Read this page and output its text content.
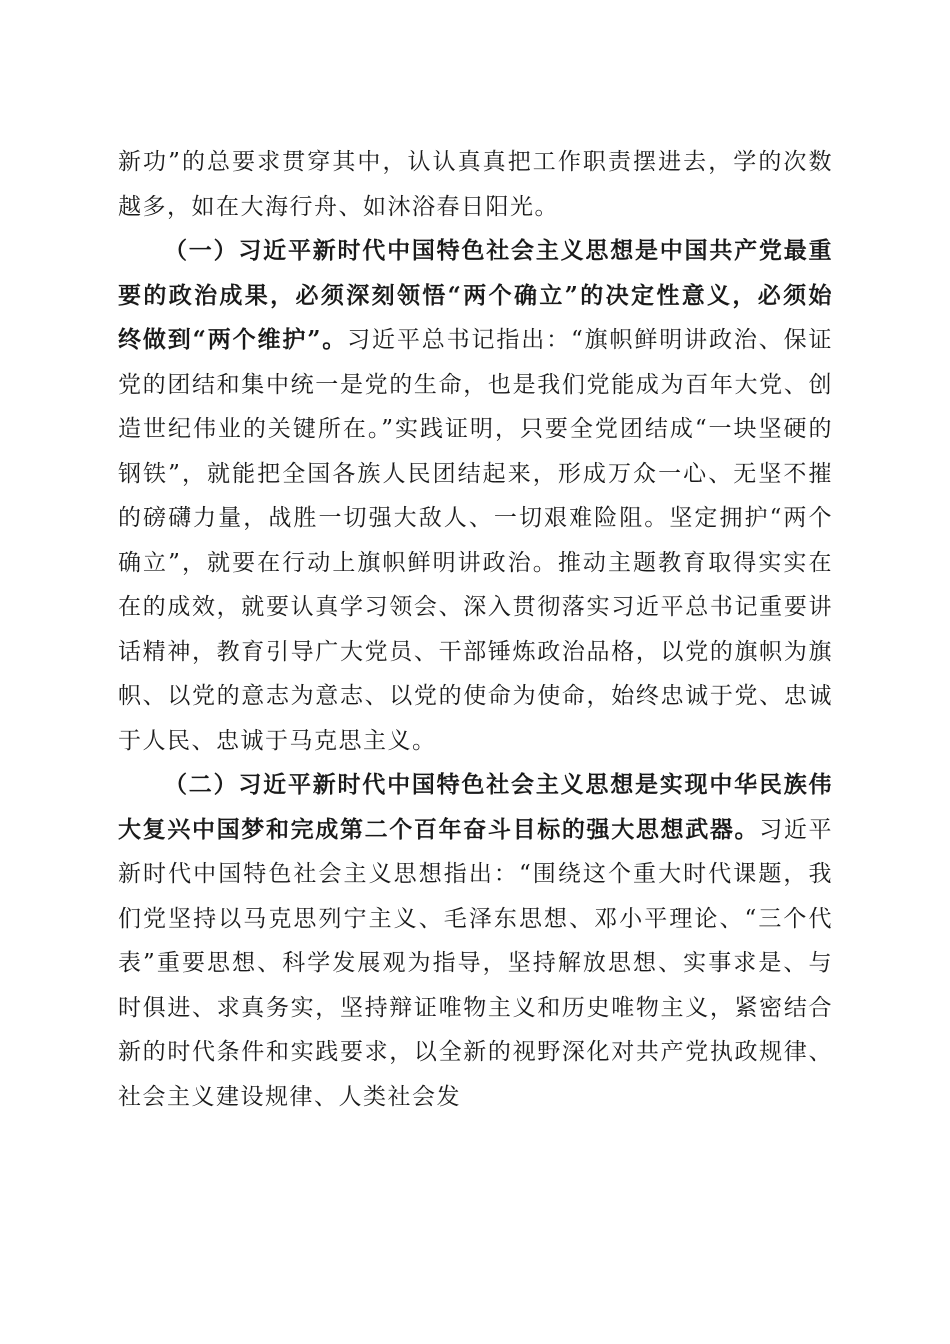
新功”的总要求贯穿其中，认认真真把工作职责摆进去，学的次数越多，如在大海行舟、如沐浴春日阳光。

（一）习近平新时代中国特色社会主义思想是中国共产党最重要的政治成果，必须深刻领悟“两个确立”的决定性意义，必须始终做到“两个维护”。习近平总书记指出：“旗帜鲜明讲政治、保证党的团结和集中统一是党的生命，也是我们党能成为百年大党、创造世纪伟业的关键所在。”实践证明，只要全党团结成“一块坚硬的钢铁”，就能把全国各族人民团结起来，形成万众一心、无坚不摧的磅礴力量，战胜一切强大敌人、一切艰难险阻。坚定拥护“两个确立”，就要在行动上旗帜鲜明讲政治。推动主题教育取得实实在在的成效，就要认真学习领会、深入贯彻落实习近平总书记重要讲话精神，教育引导广大党员、干部锤炼政治品格，以党的旗帜为旗帜、以党的意志为意志、以党的使命为使命，始终忠诚于党、忠诚于人民、忠诚于马克思主义。

（二）习近平新时代中国特色社会主义思想是实现中华民族伟大复兴中国梦和完成第二个百年奋斗目标的强大思想武器。习近平新时代中国特色社会主义思想指出：“围绕这个重大时代课题，我们党坚持以马克思列宁主义、毛泽东思想、邓小平理论、“三个代表”重要思想、科学发展观为指导，坚持解放思想、实事求是、与时俱进、求真务实，坚持辩证唯物主义和历史唯物主义，紧密结合新的时代条件和实践要求，以全新的视野深化对共产党执政规律、社会主义建设规律、人类社会发
